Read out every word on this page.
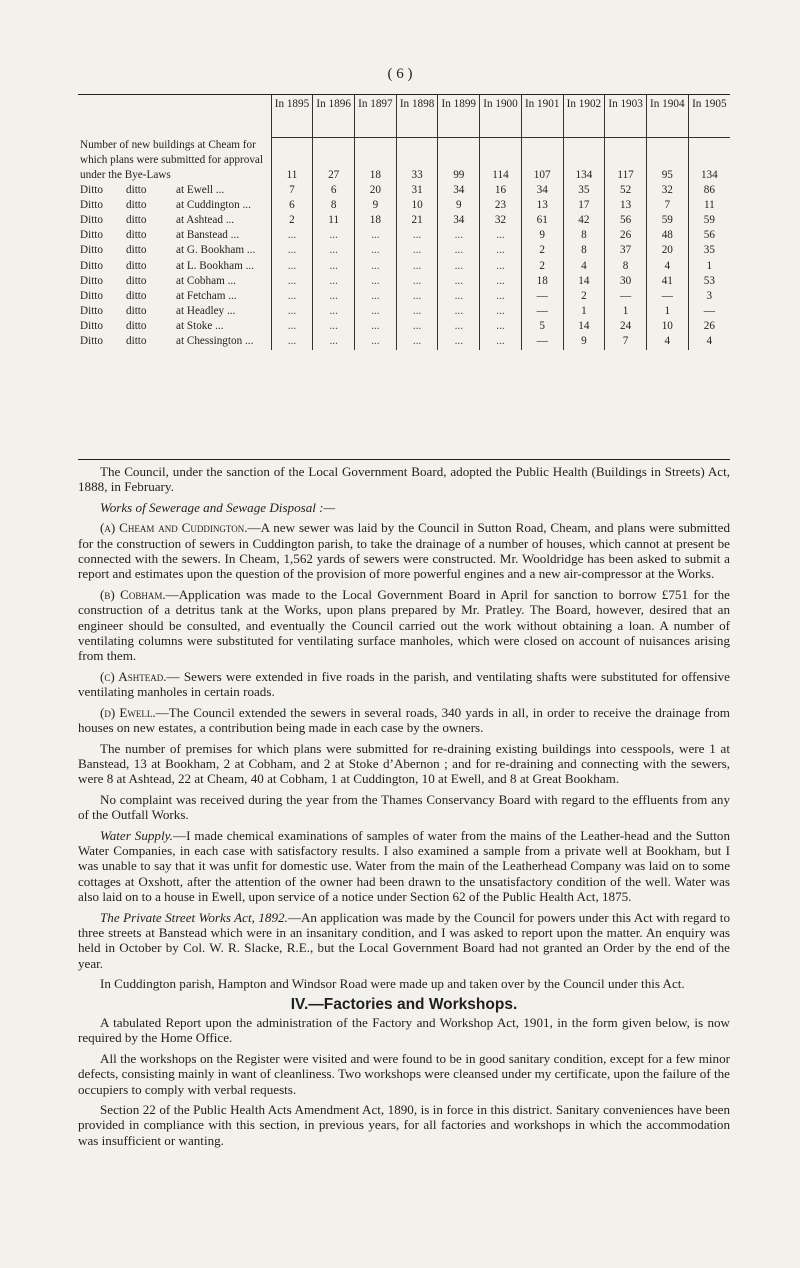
( 6 )
	In 1895	In 1896	In 1897	In 1898	In 1899	In 1900	In 1901	In 1902	In 1903	In 1904	In 1905
Number of new buildings at Cheam for which plans were submitted for approval under the Bye-Laws	11	27	18	33	99	114	107	134	117	95	134
Ditto ditto at Ewell ...	7	6	20	31	34	16	34	35	52	32	86
Ditto ditto at Cuddington ...	6	8	9	10	9	23	13	17	13	7	11
Ditto ditto at Ashtead ...	2	11	18	21	34	32	61	42	56	59	59
Ditto ditto at Banstead ...	...	...	...	...	...	...	9	8	26	48	56
Ditto ditto at G. Bookham ...	...	...	...	...	...	...	2	8	37	20	35
Ditto ditto at L. Bookham ...	...	...	...	...	...	...	2	4	8	4	1
Ditto ditto at Cobham ...	...	...	...	...	...	...	18	14	30	41	53
Ditto ditto at Fetcham ...	...	...	...	...	...	...	—	2	—	—	3
Ditto ditto at Headley ...	...	...	...	...	...	...	—	1	1	1	—
Ditto ditto at Stoke ...	...	...	...	...	...	...	5	14	24	10	26
Ditto ditto at Chessington ...	...	...	...	...	...	...	—	9	7	4	4

The Council, under the sanction of the Local Government Board, adopted the Public Health (Buildings in Streets) Act, 1888, in February.

Works of Sewerage and Sewage Disposal :—

(a) Cheam and Cuddington.—A new sewer was laid by the Council in Sutton Road, Cheam, and plans were submitted for the construction of sewers in Cuddington parish, to take the drainage of a number of houses, which cannot at present be connected with the sewers. In Cheam, 1,562 yards of sewers were constructed. Mr. Wooldridge has been asked to submit a report and estimates upon the question of the provision of more powerful engines and a new air-compressor at the Works.

(b) Cobham.—Application was made to the Local Government Board in April for sanction to borrow £751 for the construction of a detritus tank at the Works, upon plans prepared by Mr. Pratley. The Board, however, desired that an engineer should be consulted, and eventually the Council carried out the work without obtaining a loan. A number of ventilating columns were substituted for ventilating surface manholes, which were closed on account of nuisances arising from them.

(c) Ashtead.— Sewers were extended in five roads in the parish, and ventilating shafts were substituted for offensive ventilating manholes in certain roads.

(d) Ewell.—The Council extended the sewers in several roads, 340 yards in all, in order to receive the drainage from houses on new estates, a contribution being made in each case by the owners.

The number of premises for which plans were submitted for re-draining existing buildings into cesspools, were 1 at Banstead, 13 at Bookham, 2 at Cobham, and 2 at Stoke d’Abernon ; and for re-draining and connecting with the sewers, were 8 at Ashtead, 22 at Cheam, 40 at Cobham, 1 at Cuddington, 10 at Ewell, and 8 at Great Bookham.

No complaint was received during the year from the Thames Conservancy Board with regard to the effluents from any of the Outfall Works.

Water Supply.—I made chemical examinations of samples of water from the mains of the Leather-head and the Sutton Water Companies, in each case with satisfactory results. I also examined a sample from a private well at Bookham, but I was unable to say that it was unfit for domestic use. Water from the main of the Leatherhead Company was laid on to some cottages at Oxshott, after the attention of the owner had been drawn to the unsatisfactory condition of the well. Water was also laid on to a house in Ewell, upon service of a notice under Section 62 of the Public Health Act, 1875.

The Private Street Works Act, 1892.—An application was made by the Council for powers under this Act with regard to three streets at Banstead which were in an insanitary condition, and I was asked to report upon the matter. An enquiry was held in October by Col. W. R. Slacke, R.E., but the Local Government Board had not granted an Order by the end of the year.

In Cuddington parish, Hampton and Windsor Road were made up and taken over by the Council under this Act.

IV.—Factories and Workshops.

A tabulated Report upon the administration of the Factory and Workshop Act, 1901, in the form given below, is now required by the Home Office.

All the workshops on the Register were visited and were found to be in good sanitary condition, except for a few minor defects, consisting mainly in want of cleanliness. Two workshops were cleansed under my certificate, upon the failure of the occupiers to comply with verbal requests.

Section 22 of the Public Health Acts Amendment Act, 1890, is in force in this district. Sanitary conveniences have been provided in compliance with this section, in previous years, for all factories and workshops in which the accommodation was insufficient or wanting.
